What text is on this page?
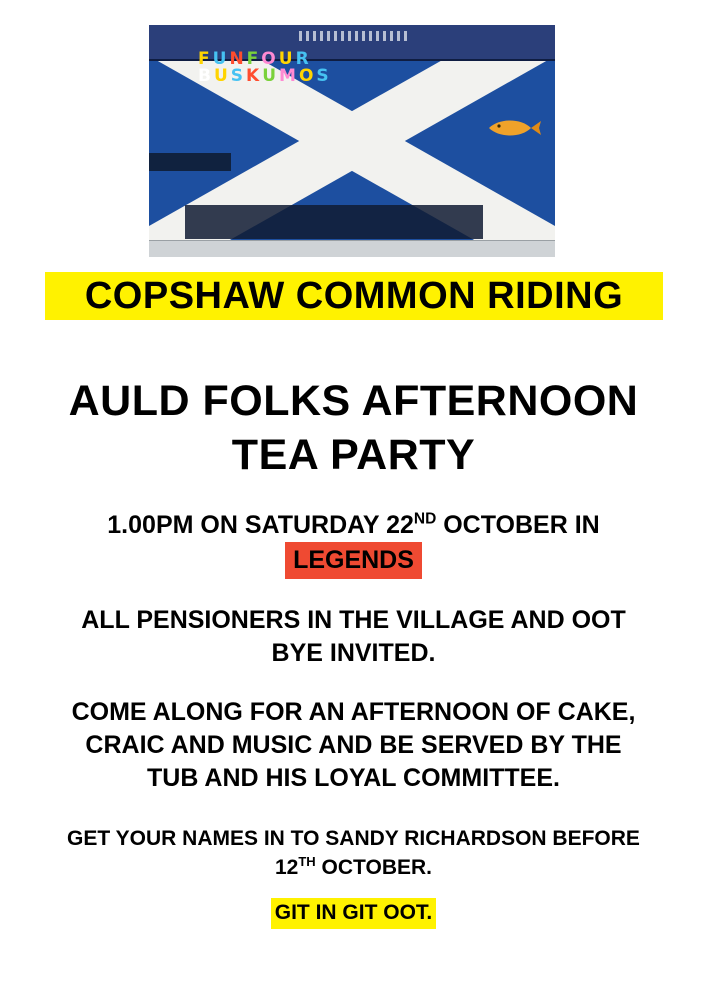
F U N F O U R
B U S K U M O S
COPSHAW COMMON RIDING
AULD FOLKS AFTERNOON
TEA PARTY
1.00PM ON SATURDAY 22ND OCTOBER IN
LEGENDS
ALL PENSIONERS IN THE VILLAGE AND OOT
BYE INVITED.
COME ALONG FOR AN AFTERNOON OF CAKE,
CRAIC AND MUSIC AND BE SERVED BY THE
TUB AND HIS LOYAL COMMITTEE.
GET YOUR NAMES IN TO SANDY RICHARDSON BEFORE
12TH OCTOBER.
GIT IN GIT OOT.
